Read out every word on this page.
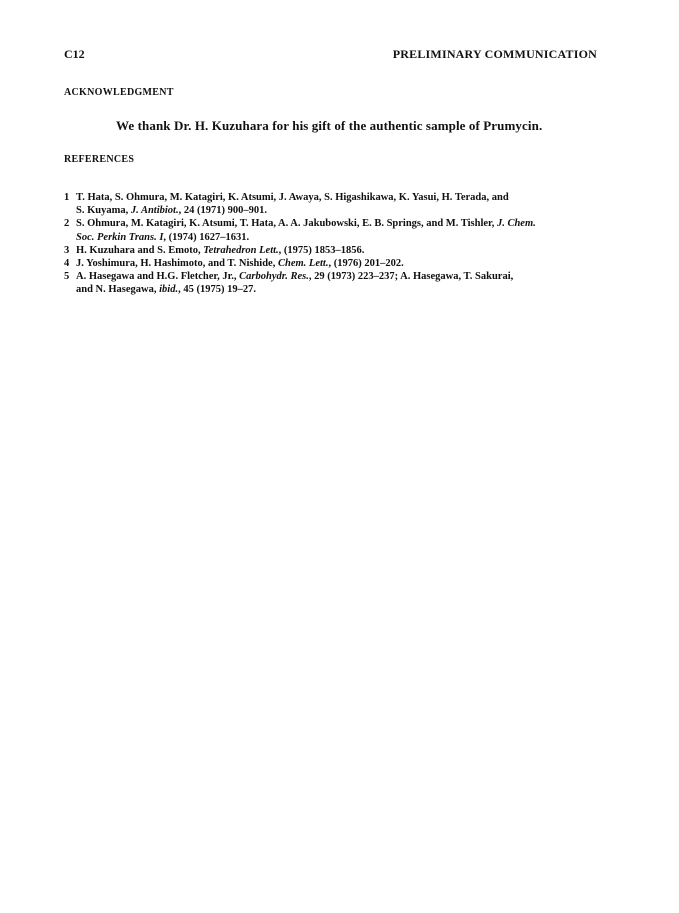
C12	PRELIMINARY COMMUNICATION
ACKNOWLEDGMENT
We thank Dr. H. Kuzuhara for his gift of the authentic sample of Prumycin.
REFERENCES
1 T. Hata, S. Ohmura, M. Katagiri, K. Atsumi, J. Awaya, S. Higashikawa, K. Yasui, H. Terada, and
S. Kuyama, J. Antibiot., 24 (1971) 900–901.
2 S. Ohmura, M. Katagiri, K. Atsumi, T. Hata, A. A. Jakubowski, E. B. Springs, and M. Tishler, J. Chem.
Soc. Perkin Trans. I, (1974) 1627–1631.
3 H. Kuzuhara and S. Emoto, Tetrahedron Lett., (1975) 1853–1856.
4 J. Yoshimura, H. Hashimoto, and T. Nishide, Chem. Lett., (1976) 201–202.
5 A. Hasegawa and H.G. Fletcher, Jr., Carbohydr. Res., 29 (1973) 223–237; A. Hasegawa, T. Sakurai,
and N. Hasegawa, ibid., 45 (1975) 19–27.
